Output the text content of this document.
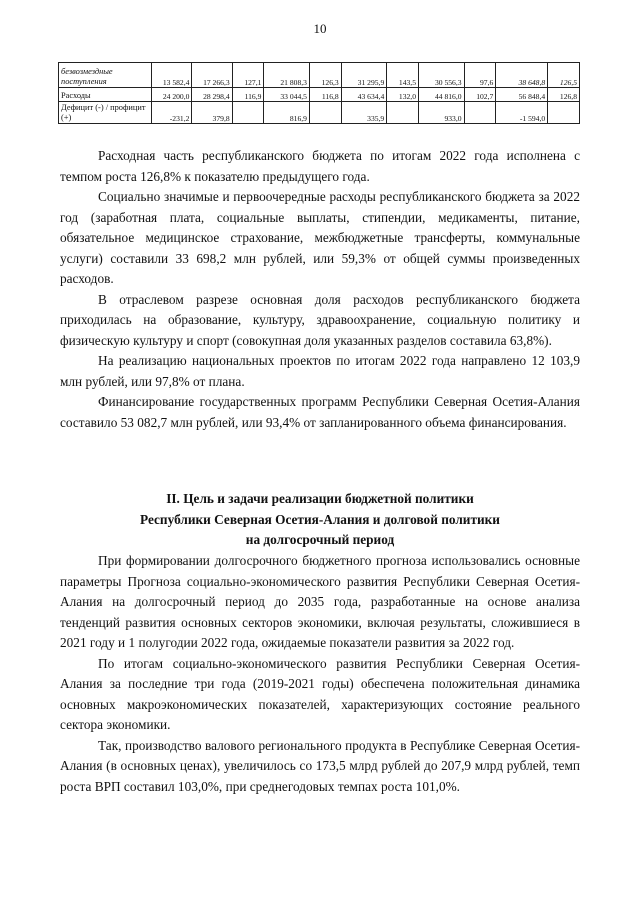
10
безвозмездные поступления	13 582,4	17 266,3	127,1	21 808,3	126,3	31 295,9	143,5	30 556,3	97,6	38 648,8	126,5
Расходы	24 200,0	28 298,4	116,9	33 044,5	116,8	43 634,4	132,0	44 816,0	102,7	56 848,4	126,8
Дефицит (-) / профицит (+)	-231,2	379,8		816,9		335,9		933,0		-1 594,0	

Расходная часть республиканского бюджета по итогам 2022 года исполнена с темпом роста 126,8% к показателю предыдущего года.

Социально значимые и первоочередные расходы республиканского бюджета за 2022 год (заработная плата, социальные выплаты, стипендии, медикаменты, питание, обязательное медицинское страхование, межбюджетные трансферты, коммунальные услуги) составили 33 698,2 млн рублей, или 59,3% от общей суммы произведенных расходов.

В отраслевом разрезе основная доля расходов республиканского бюджета приходилась на образование, культуру, здравоохранение, социальную политику и физическую культуру и спорт (совокупная доля указанных разделов составила 63,8%).

На реализацию национальных проектов по итогам 2022 года направлено 12 103,9 млн рублей, или 97,8% от плана.

Финансирование государственных программ Республики Северная Осетия-Алания составило 53 082,7 млн рублей, или 93,4% от запланированного объема финансирования.

II. Цель и задачи реализации бюджетной политики
Республики Северная Осетия-Алания и долговой политики
на долгосрочный период

При формировании долгосрочного бюджетного прогноза использовались основные параметры Прогноза социально-экономического развития Республики Северная Осетия-Алания на долгосрочный период до 2035 года, разработанные на основе анализа тенденций развития основных секторов экономики, включая результаты, сложившиеся в 2021 году и 1 полугодии 2022 года, ожидаемые показатели развития за 2022 год.

По итогам социально-экономического развития Республики Северная Осетия-Алания за последние три года (2019-2021 годы) обеспечена положительная динамика основных макроэкономических показателей, характеризующих состояние реального сектора экономики.

Так, производство валового регионального продукта в Республике Северная Осетия-Алания (в основных ценах), увеличилось со 173,5 млрд рублей до 207,9 млрд рублей, темп роста ВРП составил 103,0%, при среднегодовых темпах роста 101,0%.
